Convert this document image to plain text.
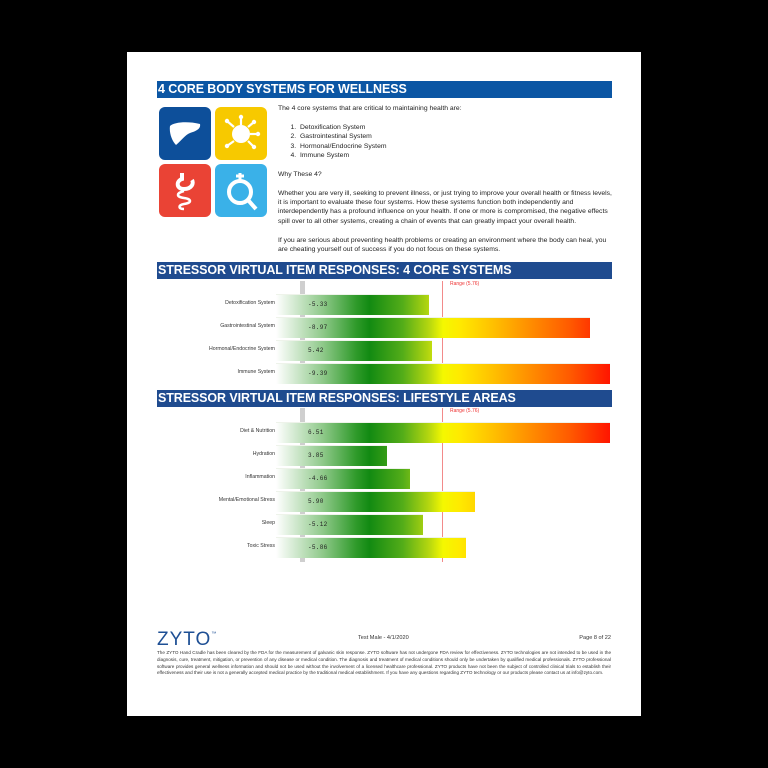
4 CORE BODY SYSTEMS FOR WELLNESS

The 4 core systems that are critical to maintaining health are:

1. Detoxification System
2. Gastrointestinal System
3. Hormonal/Endocrine System
4. Immune System

Why These 4?

Whether you are very ill, seeking to prevent illness, or just trying to improve your overall health or fitness levels, it is important to evaluate these four systems. How these systems function both independently and interdependently has a profound influence on your health. If one or more is compromised, the negative effects spill over to all other systems, creating a chain of events that can greatly impact your overall health.

If you are serious about preventing health problems or creating an environment where the body can heal, you are cheating yourself out of success if you do not focus on these systems.

STRESSOR VIRTUAL ITEM RESPONSES: 4 CORE SYSTEMS
Range (5.76)
Detoxification System	-5.33
Gastrointestinal System	-8.97
Hormonal/Endocrine System	5.42
Immune System	-9.39
STRESSOR VIRTUAL ITEM RESPONSES: LIFESTYLE AREAS
Range (5.76)
Diet & Nutrition	6.51
Hydration	3.85
Inflammation	-4.66
Mental/Emotional Stress	5.90
Sleep	-5.12
Toxic Stress	-5.86
ZYTO™
Test Male - 4/1/2020	Page 8 of 22
The ZYTO Hand Cradle has been cleared by the FDA for the measurement of galvanic skin response. ZYTO software has not undergone FDA review for effectiveness. ZYTO technologies are not intended to be used in the diagnosis, cure, treatment, mitigation, or prevention of any disease or medical condition. The diagnosis and treatment of medical conditions should only be undertaken by qualified medical professionals. ZYTO professional software provides general wellness information and should not be used without the involvement of a licensed healthcare professional. ZYTO products have not been the subject of controlled clinical trials to establish their effectiveness and their use is not a generally accepted medical practice by the traditional medical establishment. If you have any questions regarding ZYTO technology or our products please contact us at info@zyto.com.
